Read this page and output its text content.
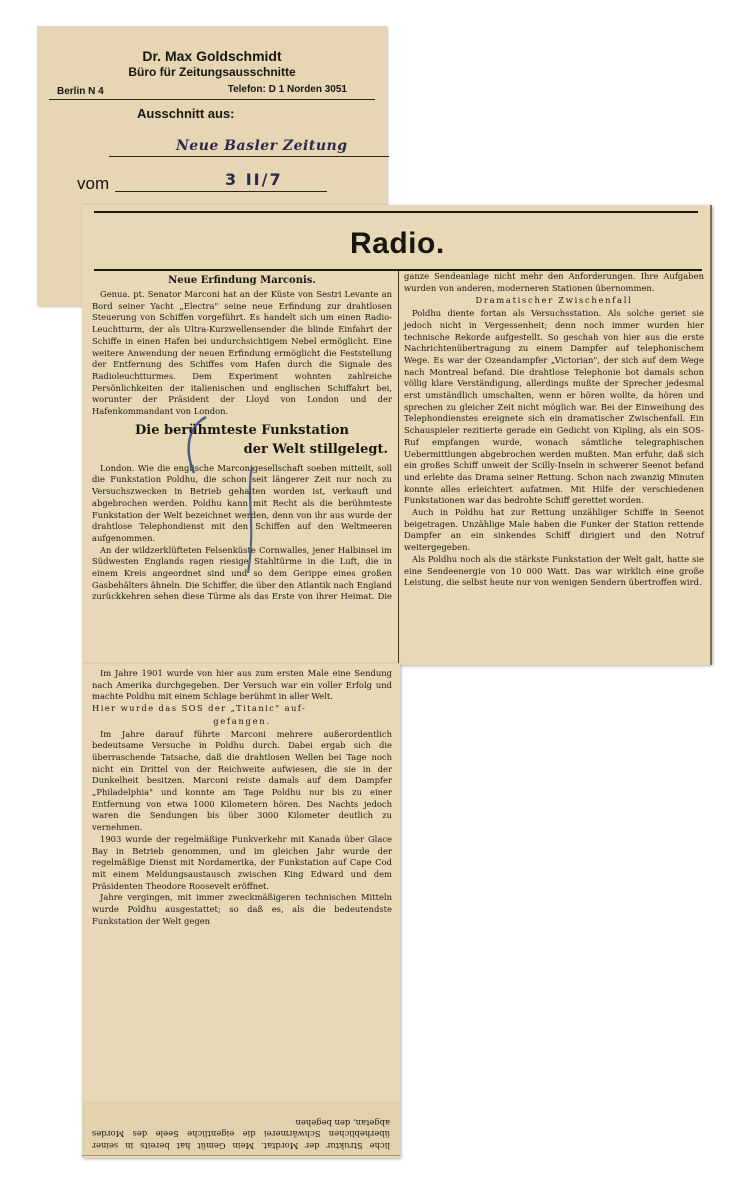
Dr. Max Goldschmidt
Büro für Zeitungsausschnitte
Berlin N 4	Telefon: D 1 Norden 3051
Ausschnitt aus:
Neue Basler Zeitung
vom	3 II/7
Radio.
Neue Erfindung Marconis.

Genua. pt. Senator Marconi hat an der Küste von Sestri Levante an Bord seiner Yacht „Electra" seine neue Erfindung zur drahtlosen Steuerung von Schiffen vorgeführt. Es handelt sich um einen Radio-Leuchtturm, der als Ultra-Kurzwellensender die blinde Einfahrt der Schiffe in einen Hafen bei undurchsichtigem Nebel ermöglicht. Eine weitere Anwendung der neuen Erfindung ermöglicht die Feststellung der Entfernung des Schiffes vom Hafen durch die Signale des Radioleuchtturmes. Dem Experiment wohnten zahlreiche Persönlichkeiten der italienischen und englischen Schiffahrt bei, worunter der Präsident der Lloyd von London und der Hafenkommandant von London.

Die berühmteste Funkstation
der Welt stillgelegt.

London. Wie die englische Marconigesellschaft soeben mitteilt, soll die Funkstation Poldhu, die schon seit längerer Zeit nur noch zu Versuchszwecken in Betrieb gehalten worden ist, verkauft und abgebrochen werden. Poldhu kann mit Recht als die berühmteste Funkstation der Welt bezeichnet werden, denn von ihr aus wurde der drahtlose Telephondienst mit den Schiffen auf den Weltmeeren aufgenommen.

An der wildzerklüfteten Felsenküste Cornwalles, jener Halbinsel im Südwesten Englands ragen riesige Stahltürme in die Luft, die in einem Kreis angeordnet sind und so dem Gerippe eines großen Gasbehälters ähneln. Die Schiffer, die über den Atlantik nach England zurückkehren sehen diese Türme als das Erste von ihrer Heimat. Die

ganze Sendeanlage nicht mehr den Anforderungen. Ihre Aufgaben wurden von anderen, moderneren Stationen übernommen.

Dramatischer Zwischenfall

Poldhu diente fortan als Versuchsstation. Als solche geriet sie jedoch nicht in Vergessenheit; denn noch immer wurden hier technische Rekorde aufgestellt. So geschah von hier aus die erste Nachrichtenübertragung zu einem Dampfer auf telephonischem Wege. Es war der Ozeandampfer „Victorian", der sich auf dem Wege nach Montreal befand. Die drahtlose Telephonie bot damals schon völlig klare Verständigung, allerdings mußte der Sprecher jedesmal erst umständlich umschalten, wenn er hören wollte, da hören und sprechen zu gleicher Zeit nicht möglich war. Bei der Einweihung des Telephondienstes ereignete sich ein dramatischer Zwischenfall. Ein Schauspieler rezitierte gerade ein Gedicht von Kipling, als ein SOS-Ruf empfangen wurde, wonach sämtliche telegraphischen Uebermittlungen abgebrochen werden mußten. Man erfuhr, daß sich ein großes Schiff unweit der Scilly-Inseln in schwerer Seenot befand und erlebte das Drama seiner Rettung. Schon nach zwanzig Minuten konnte alles erleichtert aufatmen. Mit Hilfe der verschiedenen Funkstationen war das bedrohte Schiff gerettet worden.

Auch in Poldhu hat zur Rettung unzähliger Schiffe in Seenot beigetragen. Unzählige Male haben die Funker der Station rettende Dampfer an ein sinkendes Schiff dirigiert und den Notruf weitergegeben.

Als Poldhu noch als die stärkste Funkstation der Welt galt, hatte sie eine Sendeenergie von 10 000 Watt. Das war wirklich eine große Leistung, die selbst heute nur von wenigen Sendern übertroffen wird.

Im Jahre 1901 wurde von hier aus zum ersten Male eine Sendung nach Amerika durchgegeben. Der Versuch war ein voller Erfolg und machte Poldhu mit einem Schlage berühmt in aller Welt.

Hier wurde das SOS der „Titanic" auf-
gefangen.

Im Jahre darauf führte Marconi mehrere außerordentlich bedeutsame Versuche in Poldhu durch. Dabei ergab sich die überraschende Tatsache, daß die drahtlosen Wellen bei Tage noch nicht ein Drittel von der Reichweite aufwiesen, die sie in der Dunkelheit besitzen. Marconi reiste damals auf dem Dampfer „Philadelphia" und konnte am Tage Poldhu nur bis zu einer Entfernung von etwa 1000 Kilometern hören. Des Nachts jedoch waren die Sendungen bis über 3000 Kilometer deutlich zu vernehmen.

1903 wurde der regelmäßige Funkverkehr mit Kanada über Glace Bay in Betrieb genommen, und im gleichen Jahr wurde der regelmäßige Dienst mit Nordamerika, der Funkstation auf Cape Cod mit einem Meldungsaustausch zwischen King Edward und dem Präsidenten Theodore Roosevelt eröffnet.

Jahre vergingen, mit immer zweckmäßigeren technischen Mitteln wurde Poldhu ausgestattet; so daß es, als die bedeutendste Funkstation der Welt gegen

liche Struktur der Mordtat. Mein Gemüt hat bereits in seiner überheblichen Schwärmerei die eigentliche Seele des Mordes abgetan, den begehen
